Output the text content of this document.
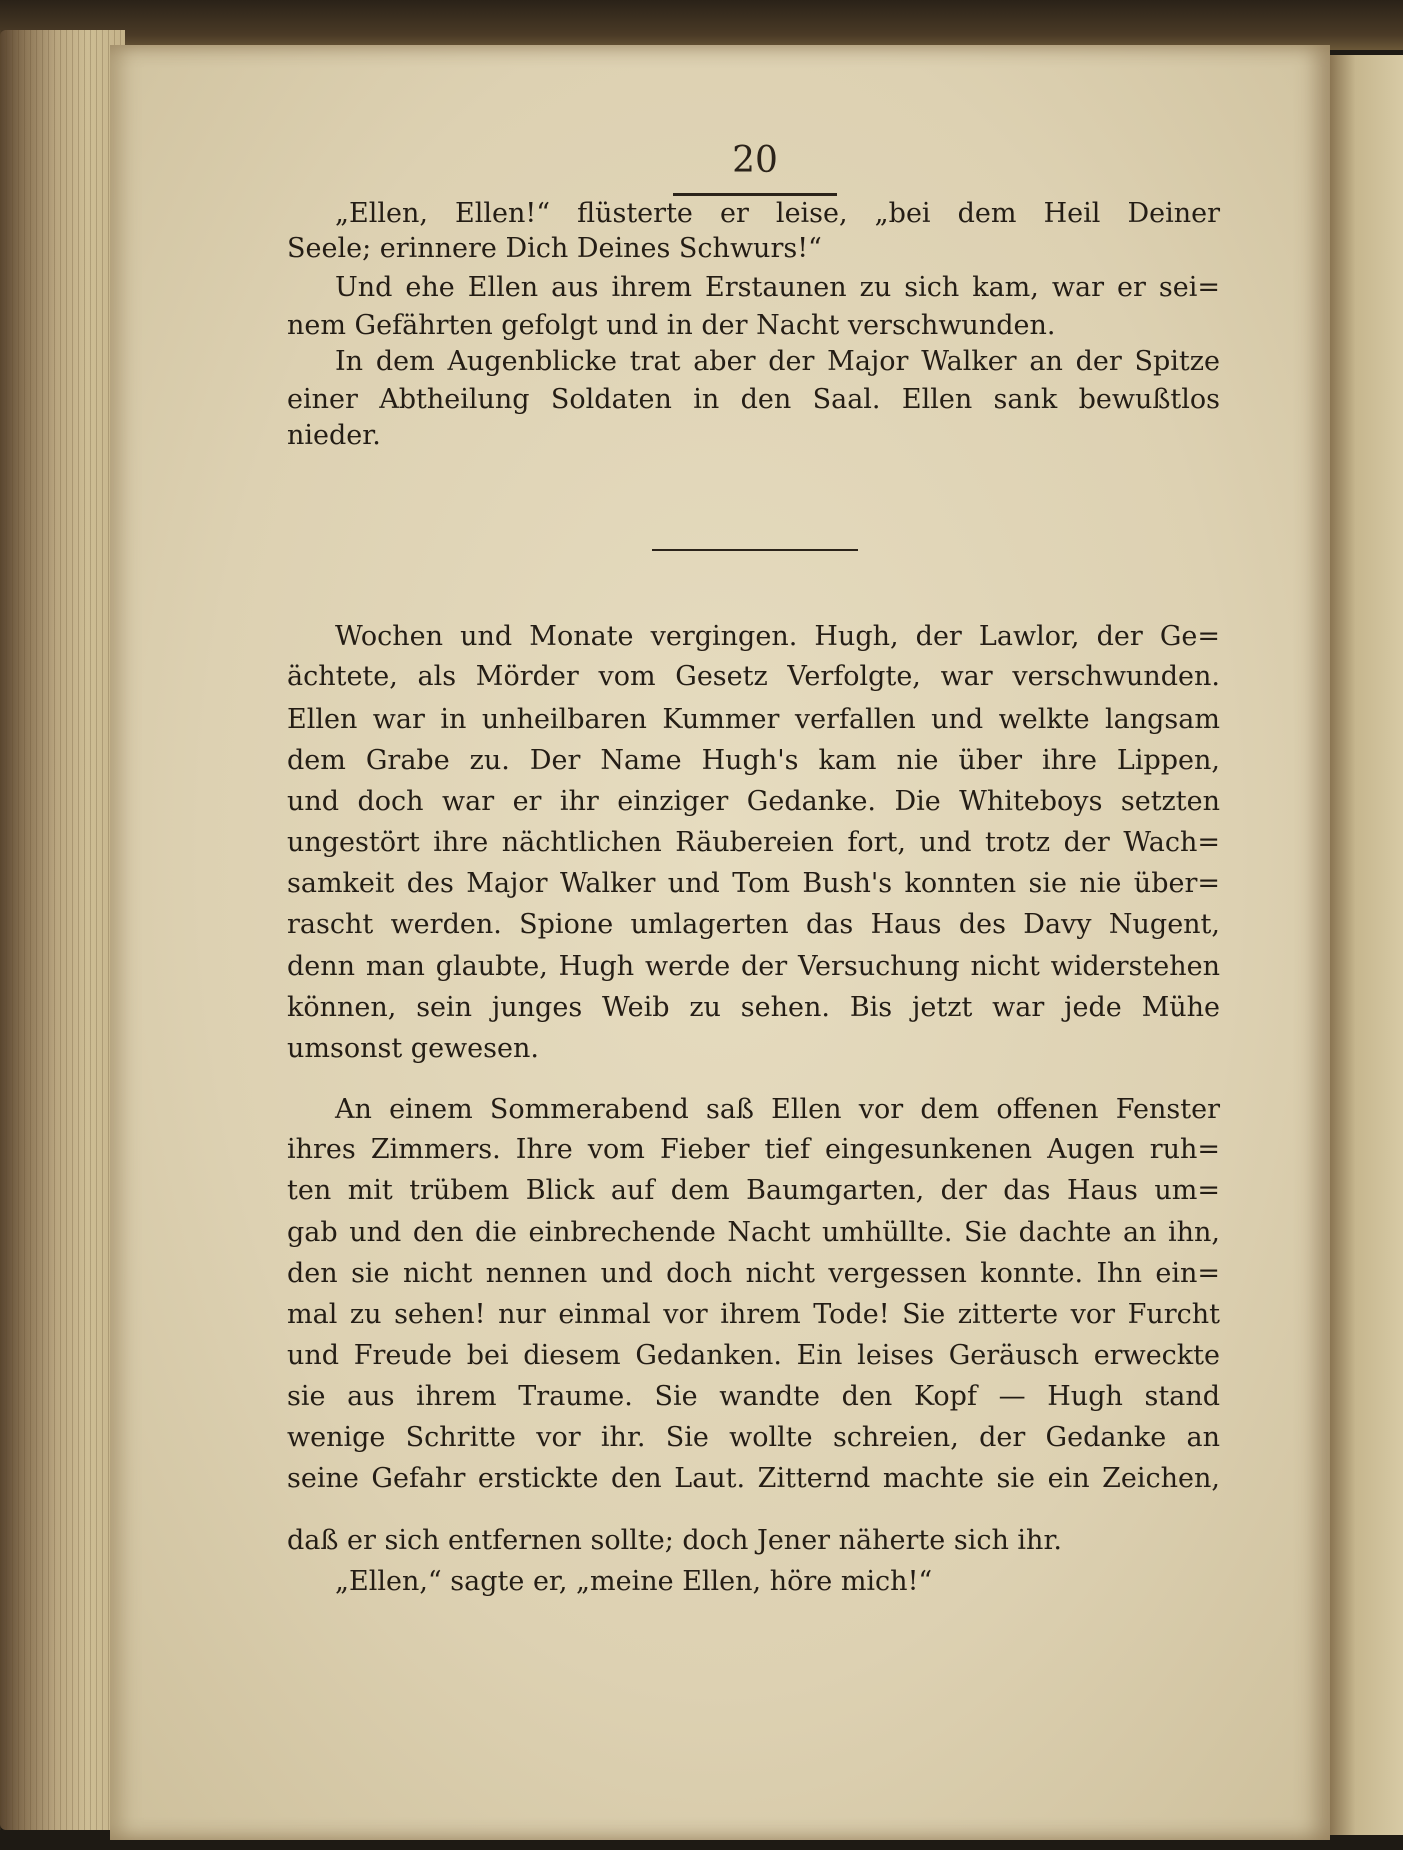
20
„Ellen, Ellen!“ flüsterte er leise, „bei dem Heil Deiner
Seele; erinnere Dich Deines Schwurs!“
Und ehe Ellen aus ihrem Erstaunen zu sich kam, war er sei=
nem Gefährten gefolgt und in der Nacht verschwunden.
In dem Augenblicke trat aber der Major Walker an der Spitze
einer Abtheilung Soldaten in den Saal. Ellen sank bewußtlos
nieder.
Wochen und Monate vergingen. Hugh, der Lawlor, der Ge=
ächtete, als Mörder vom Gesetz Verfolgte, war verschwunden.
Ellen war in unheilbaren Kummer verfallen und welkte langsam
dem Grabe zu. Der Name Hugh's kam nie über ihre Lippen,
und doch war er ihr einziger Gedanke. Die Whiteboys setzten
ungestört ihre nächtlichen Räubereien fort, und trotz der Wach=
samkeit des Major Walker und Tom Bush's konnten sie nie über=
rascht werden. Spione umlagerten das Haus des Davy Nugent,
denn man glaubte, Hugh werde der Versuchung nicht widerstehen
können, sein junges Weib zu sehen. Bis jetzt war jede Mühe
umsonst gewesen.
An einem Sommerabend saß Ellen vor dem offenen Fenster
ihres Zimmers. Ihre vom Fieber tief eingesunkenen Augen ruh=
ten mit trübem Blick auf dem Baumgarten, der das Haus um=
gab und den die einbrechende Nacht umhüllte. Sie dachte an ihn,
den sie nicht nennen und doch nicht vergessen konnte. Ihn ein=
mal zu sehen! nur einmal vor ihrem Tode! Sie zitterte vor Furcht
und Freude bei diesem Gedanken. Ein leises Geräusch erweckte
sie aus ihrem Traume. Sie wandte den Kopf — Hugh stand
wenige Schritte vor ihr. Sie wollte schreien, der Gedanke an
seine Gefahr erstickte den Laut. Zitternd machte sie ein Zeichen,
daß er sich entfernen sollte; doch Jener näherte sich ihr.
„Ellen,“ sagte er, „meine Ellen, höre mich!“
